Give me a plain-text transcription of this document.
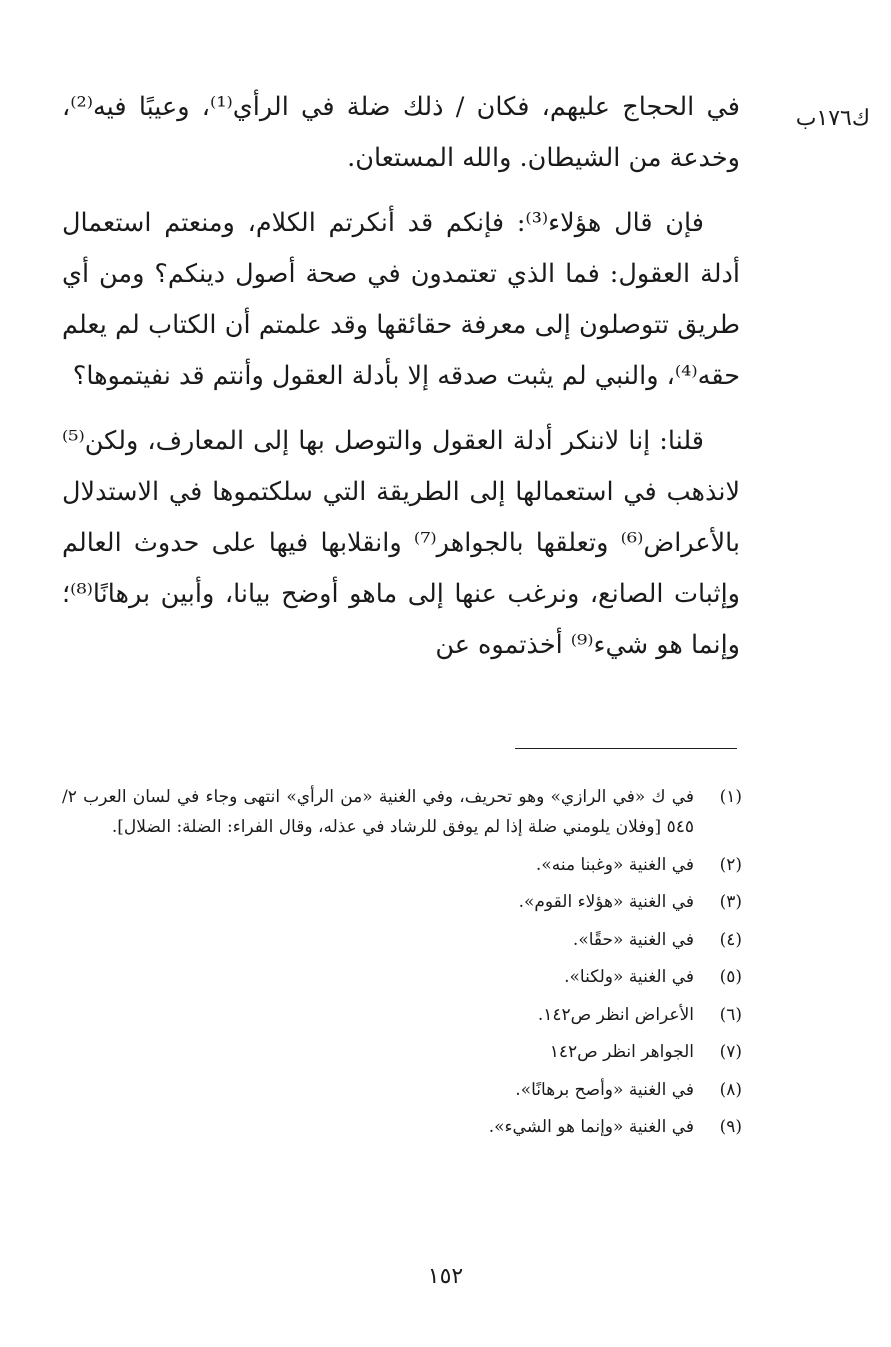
ك١٧٦ب

في الحجاج عليهم، فكان / ذلك ضلة في الرأي⁽¹⁾، وعيبًا فيه⁽²⁾، وخدعة من الشيطان. والله المستعان.

فإن قال هؤلاء⁽³⁾: فإنكم قد أنكرتم الكلام، ومنعتم استعمال أدلة العقول: فما الذي تعتمدون في صحة أصول دينكم؟ ومن أي طريق تتوصلون إلى معرفة حقائقها وقد علمتم أن الكتاب لم يعلم حقه⁽⁴⁾، والنبي لم يثبت صدقه إلا بأدلة العقول وأنتم قد نفيتموها؟

قلنا: إنا لاننكر أدلة العقول والتوصل بها إلى المعارف، ولكن⁽⁵⁾ لانذهب في استعمالها إلى الطريقة التي سلكتموها في الاستدلال بالأعراض⁽⁶⁾ وتعلقها بالجواهر⁽⁷⁾ وانقلابها فيها على حدوث العالم وإثبات الصانع، ونرغب عنها إلى ماهو أوضح بيانا، وأبين برهانًا⁽⁸⁾؛ وإنما هو شيء⁽⁹⁾ أخذتموه عن

(١)
في ك «في الرازي» وهو تحريف، وفي الغنية «من الرأي» انتهى وجاء في لسان العرب ٢/ ٥٤٥ [وفلان يلومني ضلة إذا لم يوفق للرشاد في عذله، وقال الفراء: الضلة: الضلال].
(٢)
في الغنية «وغبنا منه».
(٣)
في الغنية «هؤلاء القوم».
(٤)
في الغنية «حقًا».
(٥)
في الغنية «ولكنا».
(٦)
الأعراض انظر ص١٤٢.
(٧)
الجواهر انظر ص١٤٢
(٨)
في الغنية «وأصح برهانًا».
(٩)
في الغنية «وإنما هو الشيء».
١٥٢
